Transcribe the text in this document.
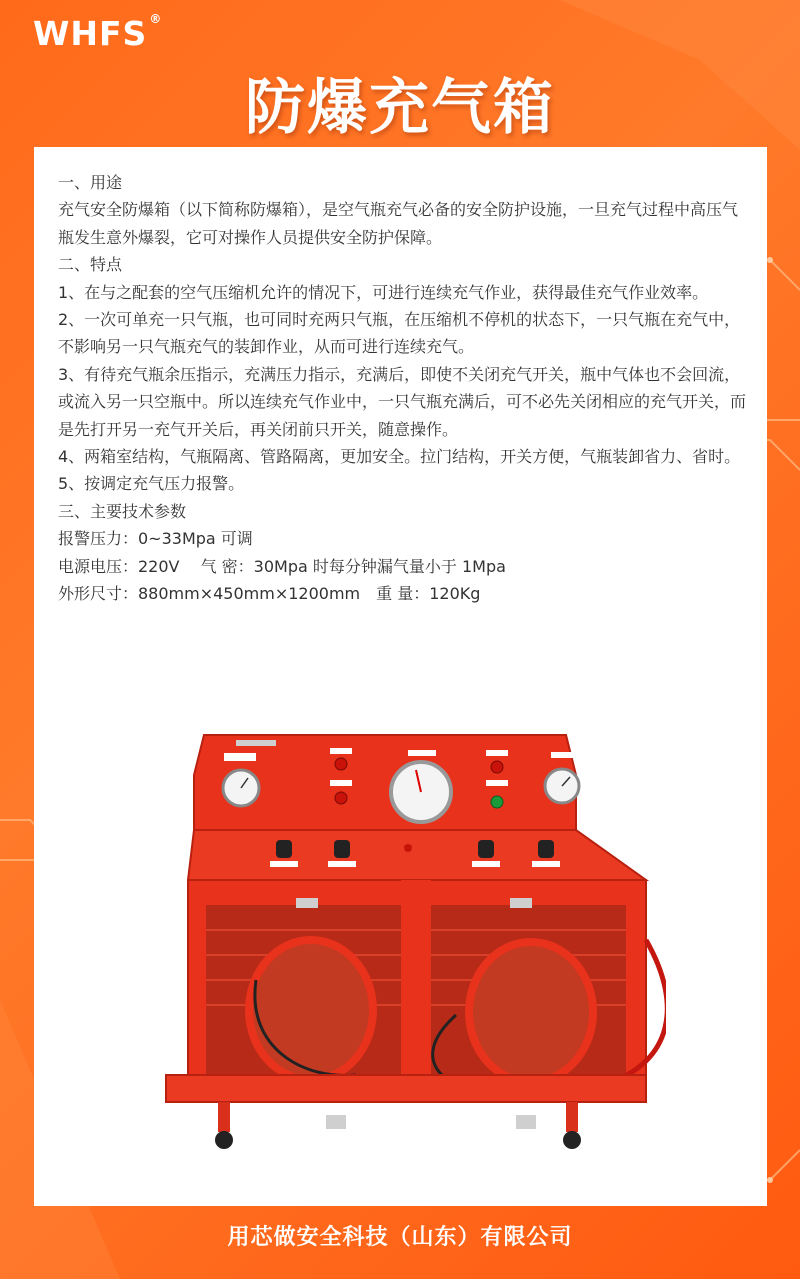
WHFS ®
防爆充气箱

一、用途

充气安全防爆箱（以下简称防爆箱），是空气瓶充气必备的安全防护设施，一旦充气过程中高压气瓶发生意外爆裂，它可对操作人员提供安全防护保障。

二、特点

1、在与之配套的空气压缩机允许的情况下，可进行连续充气作业，获得最佳充气作业效率。

2、一次可单充一只气瓶，也可同时充两只气瓶，在压缩机不停机的状态下，一只气瓶在充气中，不影响另一只气瓶充气的装卸作业，从而可进行连续充气。

3、有待充气瓶余压指示，充满压力指示，充满后，即使不关闭充气开关，瓶中气体也不会回流，或流入另一只空瓶中。所以连续充气作业中，一只气瓶充满后，可不必先关闭相应的充气开关，而是先打开另一充气开关后，再关闭前只开关，随意操作。

4、两箱室结构，气瓶隔离、管路隔离，更加安全。拉门结构，开关方便，气瓶装卸省力、省时。

5、按调定充气压力报警。

三、主要技术参数

报警压力：0~33Mpa 可调

电源电压：220V　 气 密：30Mpa 时每分钟漏气量小于 1Mpa

外形尺寸：880mm×450mm×1200mm　重 量：120Kg

用芯做安全科技（山东）有限公司
